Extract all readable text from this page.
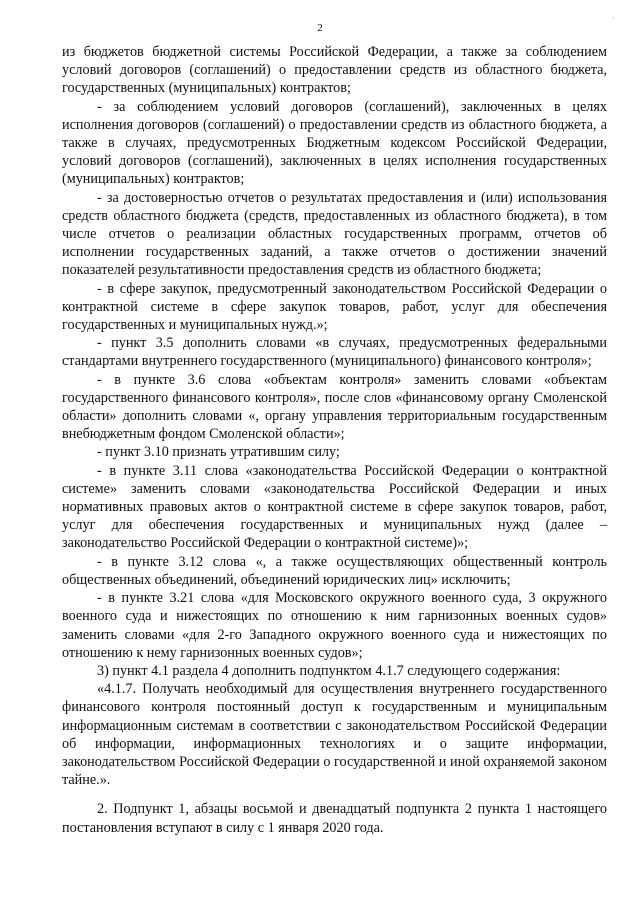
·
2

из бюджетов бюджетной системы Российской Федерации, а также за соблюдением условий договоров (соглашений) о предоставлении средств из областного бюджета, государственных (муниципальных) контрактов;

- за соблюдением условий договоров (соглашений), заключенных в целях исполнения договоров (соглашений) о предоставлении средств из областного бюджета, а также в случаях, предусмотренных Бюджетным кодексом Российской Федерации, условий договоров (соглашений), заключенных в целях исполнения государственных (муниципальных) контрактов;

- за достоверностью отчетов о результатах предоставления и (или) использования средств областного бюджета (средств, предоставленных из областного бюджета), в том числе отчетов о реализации областных государственных программ, отчетов об исполнении государственных заданий, а также отчетов о достижении значений показателей результативности предоставления средств из областного бюджета;

- в сфере закупок, предусмотренный законодательством Российской Федерации о контрактной системе в сфере закупок товаров, работ, услуг для обеспечения государственных и муниципальных нужд.»;

- пункт 3.5 дополнить словами «в случаях, предусмотренных федеральными стандартами внутреннего государственного (муниципального) финансового контроля»;

- в пункте 3.6 слова «объектам контроля» заменить словами «объектам государственного финансового контроля», после слов «финансовому органу Смоленской области» дополнить словами «, органу управления территориальным государственным внебюджетным фондом Смоленской области»;

- пункт 3.10 признать утратившим силу;

- в пункте 3.11 слова «законодательства Российской Федерации о контрактной системе» заменить словами «законодательства Российской Федерации и иных нормативных правовых актов о контрактной системе в сфере закупок товаров, работ, услуг для обеспечения государственных и муниципальных нужд (далее – законодательство Российской Федерации о контрактной системе)»;

- в пункте 3.12 слова «, а также осуществляющих общественный контроль общественных объединений, объединений юридических лиц» исключить;

- в пункте 3.21 слова «для Московского окружного военного суда, 3 окружного военного суда и нижестоящих по отношению к ним гарнизонных военных судов» заменить словами «для 2-го Западного окружного военного суда и нижестоящих по отношению к нему гарнизонных военных судов»;

3) пункт 4.1 раздела 4 дополнить подпунктом 4.1.7 следующего содержания:

«4.1.7. Получать необходимый для осуществления внутреннего государственного финансового контроля постоянный доступ к государственным и муниципальным информационным системам в соответствии с законодательством Российской Федерации об информации, информационных технологиях и о защите информации, законодательством Российской Федерации о государственной и иной охраняемой законом тайне.».

2. Подпункт 1, абзацы восьмой и двенадцатый подпункта 2 пункта 1 настоящего постановления вступают в силу с 1 января 2020 года.
